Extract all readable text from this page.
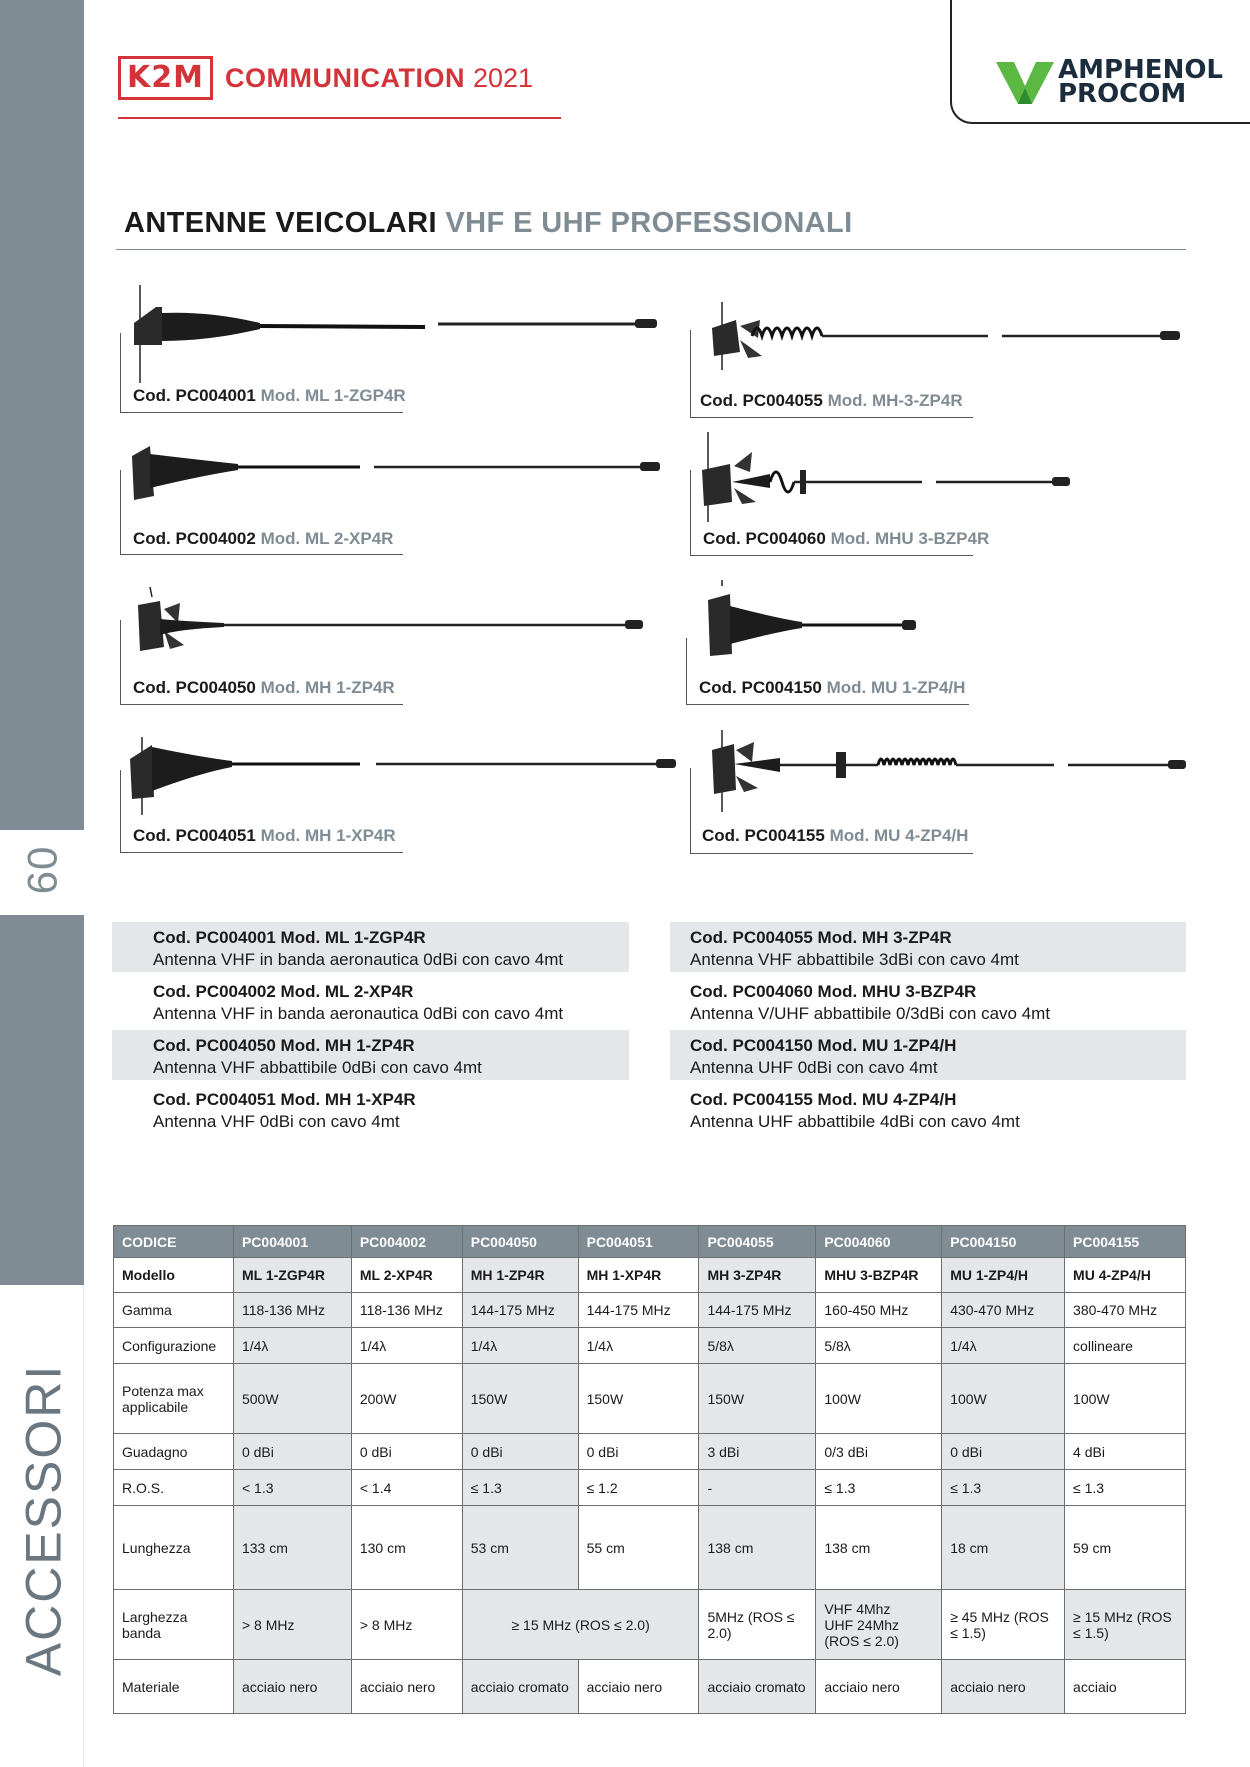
60
ACCESSORI
K2M COMMUNICATION 2021	AMPHENOL
PROCOM
ANTENNE VEICOLARI VHF E UHF PROFESSIONALI
Cod. PC004001 Mod. ML 1-ZGP4R	Cod. PC004055 Mod. MH-3-ZP4R
Cod. PC004002 Mod. ML 2-XP4R	Cod. PC004060 Mod. MHU 3-BZP4R
Cod. PC004050 Mod. MH 1-ZP4R	Cod. PC004150 Mod. MU 1-ZP4/H
Cod. PC004051 Mod. MH 1-XP4R	Cod. PC004155 Mod. MU 4-ZP4/H
Cod. PC004001 Mod. ML 1-ZGP4R
Antenna VHF in banda aeronautica 0dBi con cavo 4mt
Cod. PC004055 Mod. MH 3-ZP4R
Antenna VHF abbattibile 3dBi con cavo 4mt
Cod. PC004002 Mod. ML 2-XP4R
Antenna VHF in banda aeronautica 0dBi con cavo 4mt
Cod. PC004060 Mod. MHU 3-BZP4R
Antenna V/UHF abbattibile 0/3dBi con cavo 4mt
Cod. PC004050 Mod. MH 1-ZP4R
Antenna VHF abbattibile 0dBi con cavo 4mt
Cod. PC004150 Mod. MU 1-ZP4/H
Antenna UHF 0dBi con cavo 4mt
Cod. PC004051 Mod. MH 1-XP4R
Antenna VHF 0dBi con cavo 4mt
Cod. PC004155 Mod. MU 4-ZP4/H
Antenna UHF abbattibile 4dBi con cavo 4mt
CODICE	PC004001	PC004002	PC004050	PC004051	PC004055	PC004060	PC004150	PC004155
Modello	ML 1-ZGP4R	ML 2-XP4R	MH 1-ZP4R	MH 1-XP4R	MH 3-ZP4R	MHU 3-BZP4R	MU 1-ZP4/H	MU 4-ZP4/H
Gamma	118-136 MHz	118-136 MHz	144-175 MHz	144-175 MHz	144-175 MHz	160-450 MHz	430-470 MHz	380-470 MHz
Configurazione	1/4λ	1/4λ	1/4λ	1/4λ	5/8λ	5/8λ	1/4λ	collineare
Potenza max applicabile	500W	200W	150W	150W	150W	100W	100W	100W
Guadagno	0 dBi	0 dBi	0 dBi	0 dBi	3 dBi	0/3 dBi	0 dBi	4 dBi
R.O.S.	< 1.3	< 1.4	≤ 1.3	≤ 1.2	-	≤ 1.3	≤ 1.3	≤ 1.3
Lunghezza	133 cm	130 cm	53 cm	55 cm	138 cm	138 cm	18 cm	59 cm
Larghezza banda	> 8 MHz	> 8 MHz	≥ 15 MHz (ROS ≤ 2.0)		5MHz (ROS ≤ 2.0)	VHF 4Mhz
UHF 24Mhz
(ROS ≤ 2.0)	≥ 45 MHz (ROS ≤ 1.5)	≥ 15 MHz (ROS ≤ 1.5)
Materiale	acciaio nero	acciaio nero	acciaio cromato	acciaio nero	acciaio cromato	acciaio nero	acciaio nero	acciaio
